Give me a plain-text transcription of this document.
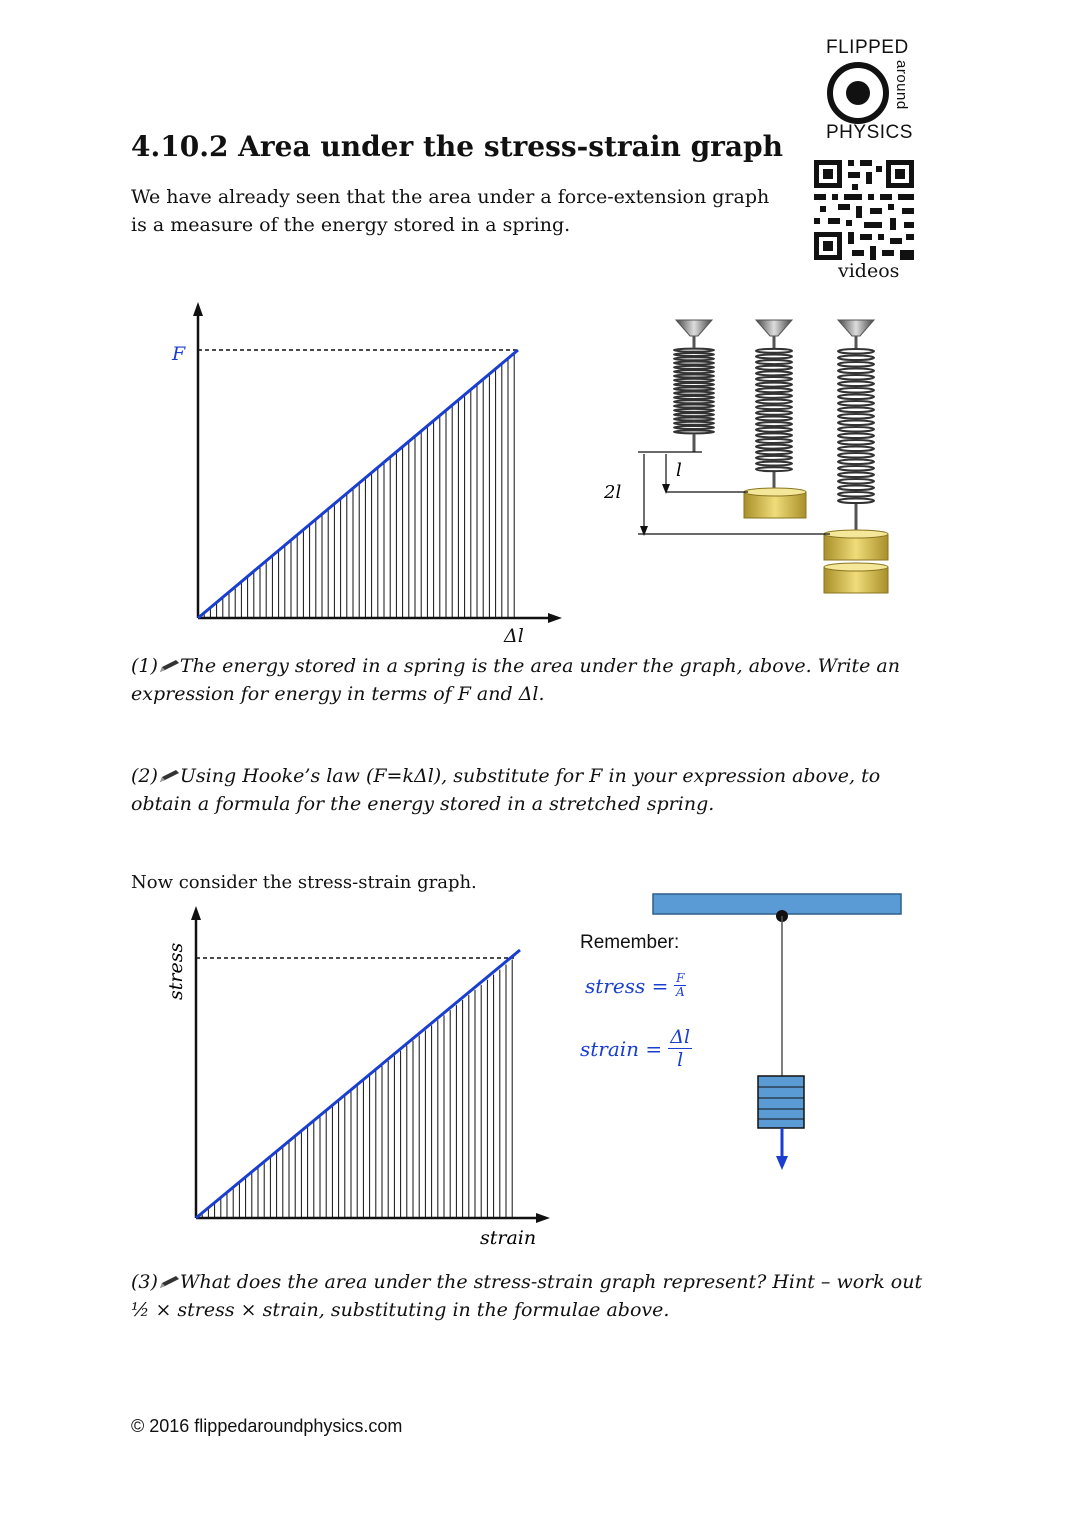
FLIPPED
around
PHYSICS
videos
4.10.2 Area under the stress-strain graph
We have already seen that the area under a force-extension graph is a measure of the energy stored in a spring.
F
Δl
l
2l
(1) The energy stored in a spring is the area under the graph, above. Write an expression for energy in terms of F and Δl.
(2) Using Hooke’s law (F=kΔl), substitute for F in your expression above, to obtain a formula for the energy stored in a stretched spring.
Now consider the stress-strain graph.
stress
strain
Remember:
stress = F
A
strain = Δl
l
(3) What does the area under the stress-strain graph represent? Hint – work out
½ × stress × strain, substituting in the formulae above.
© 2016 flippedaroundphysics.com
